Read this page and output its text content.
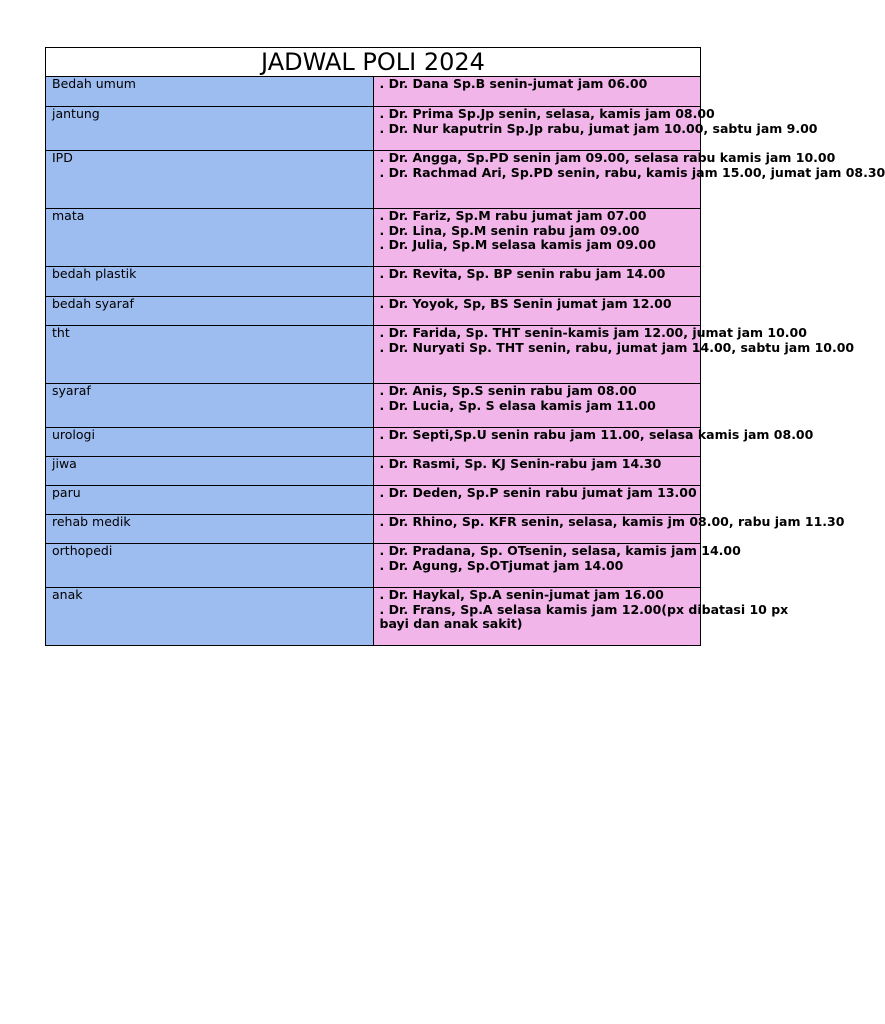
JADWAL POLI 2024	
Bedah umum	. Dr. Dana Sp.B senin-jumat jam 06.00

jantung	. Dr. Prima Sp.Jp senin, selasa, kamis jam 08.00
. Dr. Nur kaputrin Sp.Jp rabu, jumat jam 10.00, sabtu jam 9.00

IPD	. Dr. Angga, Sp.PD senin jam 09.00, selasa rabu kamis jam 10.00
. Dr. Rachmad Ari, Sp.PD senin, rabu, kamis jam 15.00, jumat jam 08.30

mata	. Dr. Fariz, Sp.M rabu jumat jam 07.00
. Dr. Lina, Sp.M senin rabu jam 09.00
. Dr. Julia, Sp.M selasa kamis jam 09.00

bedah plastik	. Dr. Revita, Sp. BP senin rabu jam 14.00

bedah syaraf	. Dr. Yoyok, Sp, BS Senin jumat jam 12.00

tht	. Dr. Farida, Sp. THT senin-kamis jam 12.00, jumat jam 10.00
. Dr. Nuryati Sp. THT senin, rabu, jumat jam 14.00, sabtu jam 10.00

syaraf	. Dr. Anis, Sp.S senin rabu jam 08.00
. Dr. Lucia, Sp. S elasa kamis jam 11.00

urologi	. Dr. Septi,Sp.U senin rabu jam 11.00, selasa kamis jam 08.00

jiwa	. Dr. Rasmi, Sp. KJ Senin-rabu jam 14.30

paru	. Dr. Deden, Sp.P senin rabu jumat jam 13.00

rehab medik	. Dr. Rhino, Sp. KFR senin, selasa, kamis jm 08.00, rabu jam 11.30

orthopedi	. Dr. Pradana, Sp. OTsenin, selasa, kamis jam 14.00
. Dr. Agung, Sp.OTjumat jam 14.00

anak	. Dr. Haykal, Sp.A senin-jumat jam 16.00
. Dr. Frans, Sp.A selasa kamis jam 12.00(px dibatasi 10 px bayi dan anak sakit)
